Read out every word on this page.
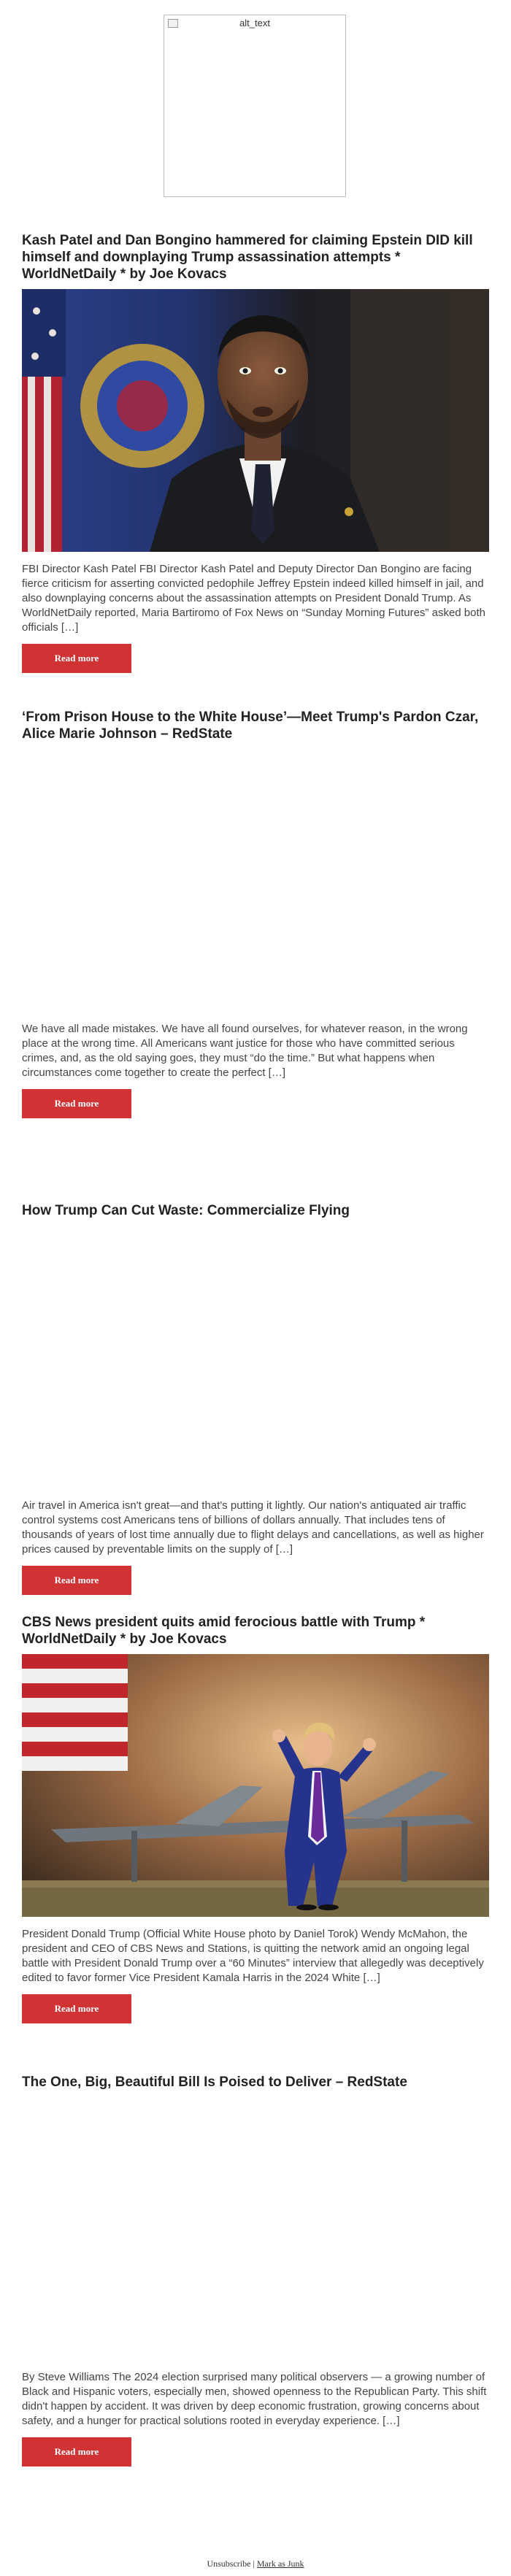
alt_text
Kash Patel and Dan Bongino hammered for claiming Epstein DID kill himself and downplaying Trump assassination attempts * WorldNetDaily * by Joe Kovacs

FBI Director Kash Patel FBI Director Kash Patel and Deputy Director Dan Bongino are facing fierce criticism for asserting convicted pedophile Jeffrey Epstein indeed killed himself in jail, and also downplaying concerns about the assassination attempts on President Donald Trump. As WorldNetDaily reported, Maria Bartiromo of Fox News on “Sunday Morning Futures” asked both officials […]

Read more
‘From Prison House to the White House’—Meet Trump's Pardon Czar, Alice Marie Johnson – RedState

We have all made mistakes. We have all found ourselves, for whatever reason, in the wrong place at the wrong time. All Americans want justice for those who have committed serious crimes, and, as the old saying goes, they must “do the time.” But what happens when circumstances come together to create the perfect […]

Read more
How Trump Can Cut Waste: Commercialize Flying

Air travel in America isn't great—and that's putting it lightly. Our nation's antiquated air traffic control systems cost Americans tens of billions of dollars annually. That includes tens of thousands of years of lost time annually due to flight delays and cancellations, as well as higher prices caused by preventable limits on the supply of […]

Read more
CBS News president quits amid ferocious battle with Trump * WorldNetDaily * by Joe Kovacs

President Donald Trump (Official White House photo by Daniel Torok) Wendy McMahon, the president and CEO of CBS News and Stations, is quitting the network amid an ongoing legal battle with President Donald Trump over a “60 Minutes” interview that allegedly was deceptively edited to favor former Vice President Kamala Harris in the 2024 White […]

Read more
The One, Big, Beautiful Bill Is Poised to Deliver – RedState

By Steve Williams The 2024 election surprised many political observers — a growing number of Black and Hispanic voters, especially men, showed openness to the Republican Party. This shift didn't happen by accident. It was driven by deep economic frustration, growing concerns about safety, and a hunger for practical solutions rooted in everyday experience. […]

Read more
Unsubscribe | Mark as Junk
